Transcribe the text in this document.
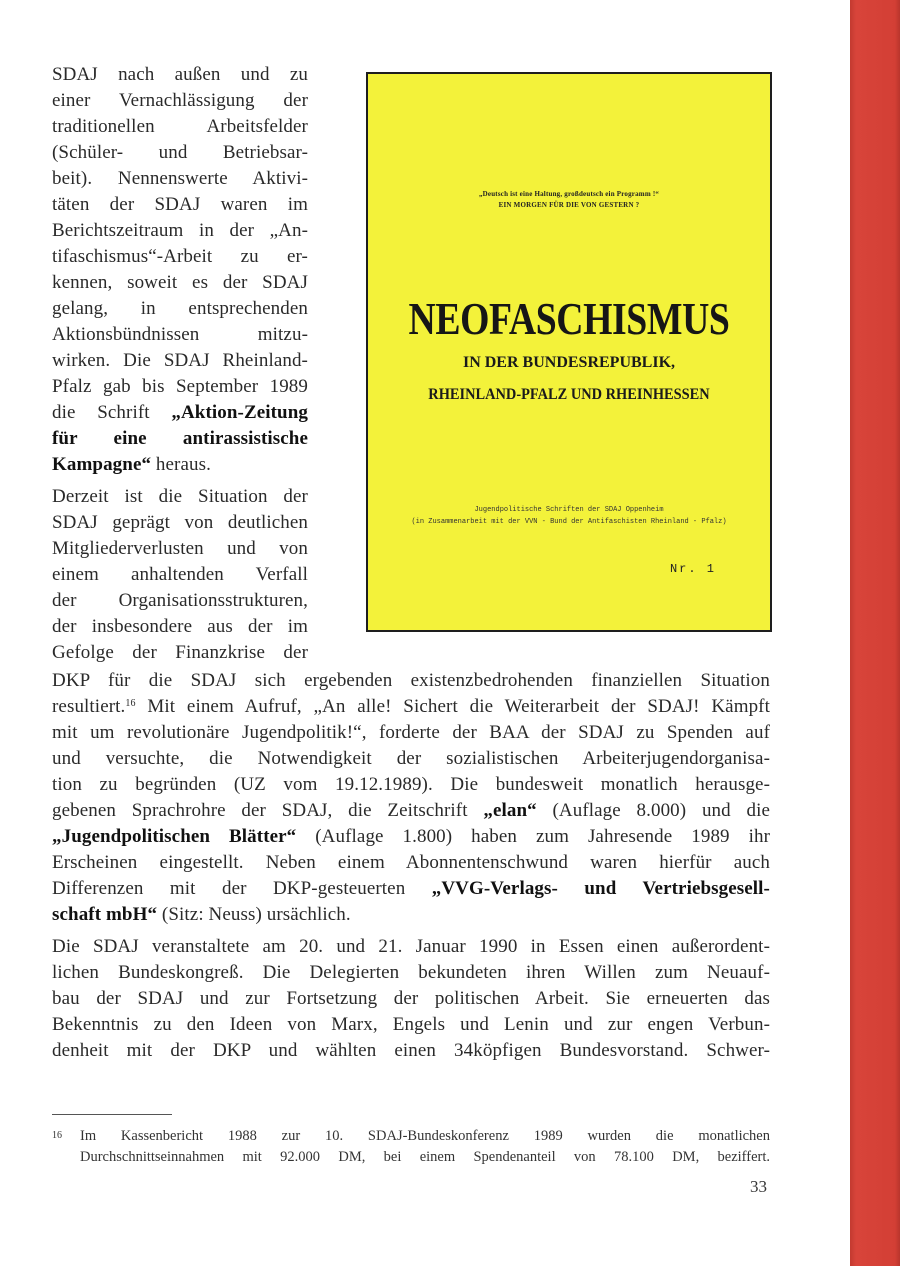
SDAJ nach außen und zu
einer Vernachlässigung der
traditionellen Arbeitsfelder
(Schüler- und Betriebsar-
beit). Nennenswerte Aktivi-
täten der SDAJ waren im
Berichtszeitraum in der „An-
tifaschismus“-Arbeit zu er-
kennen, soweit es der SDAJ
gelang, in entsprechenden
Aktionsbündnissen mitzu-
wirken. Die SDAJ Rheinland-
Pfalz gab bis September 1989
die Schrift „Aktion-Zeitung
für eine antirassistische
Kampagne“ heraus.
Derzeit ist die Situation der
SDAJ geprägt von deutlichen
Mitgliederverlusten und von
einem anhaltenden Verfall
der Organisationsstrukturen,
der insbesondere aus der im
Gefolge der Finanzkrise der
„Deutsch ist eine Haltung, großdeutsch ein Programm !“
EIN MORGEN FÜR DIE VON GESTERN ?
NEOFASCHISMUS
IN DER BUNDESREPUBLIK,
RHEINLAND-PFALZ UND RHEINHESSEN
Jugendpolitische Schriften der SDAJ Oppenheim
(in Zusammenarbeit mit der VVN - Bund der Antifaschisten Rheinland - Pfalz)
Nr. 1
DKP für die SDAJ sich ergebenden existenzbedrohenden finanziellen Situation
resultiert.$^{16}$ Mit einem Aufruf, „An alle! Sichert die Weiterarbeit der SDAJ! Kämpft
mit um revolutionäre Jugendpolitik!“, forderte der BAA der SDAJ zu Spenden auf
und versuchte, die Notwendigkeit der sozialistischen Arbeiterjugendorganisa-
tion zu begründen (UZ vom 19.12.1989). Die bundesweit monatlich herausge-
gebenen Sprachrohre der SDAJ, die Zeitschrift „elan“ (Auflage 8.000) und die
„Jugendpolitischen Blätter“ (Auflage 1.800) haben zum Jahresende 1989 ihr
Erscheinen eingestellt. Neben einem Abonnentenschwund waren hierfür auch
Differenzen mit der DKP-gesteuerten „VVG-Verlags- und Vertriebsgesell-
schaft mbH“ (Sitz: Neuss) ursächlich.
Die SDAJ veranstaltete am 20. und 21. Januar 1990 in Essen einen außerordent-
lichen Bundeskongreß. Die Delegierten bekundeten ihren Willen zum Neuauf-
bau der SDAJ und zur Fortsetzung der politischen Arbeit. Sie erneuerten das
Bekenntnis zu den Ideen von Marx, Engels und Lenin und zur engen Verbun-
denheit mit der DKP und wählten einen 34köpfigen Bundesvorstand. Schwer-
16 Im Kassenbericht 1988 zur 10. SDAJ-Bundeskonferenz 1989 wurden die monatlichen
Durchschnittseinnahmen mit 92.000 DM, bei einem Spendenanteil von 78.100 DM, beziffert.
33
